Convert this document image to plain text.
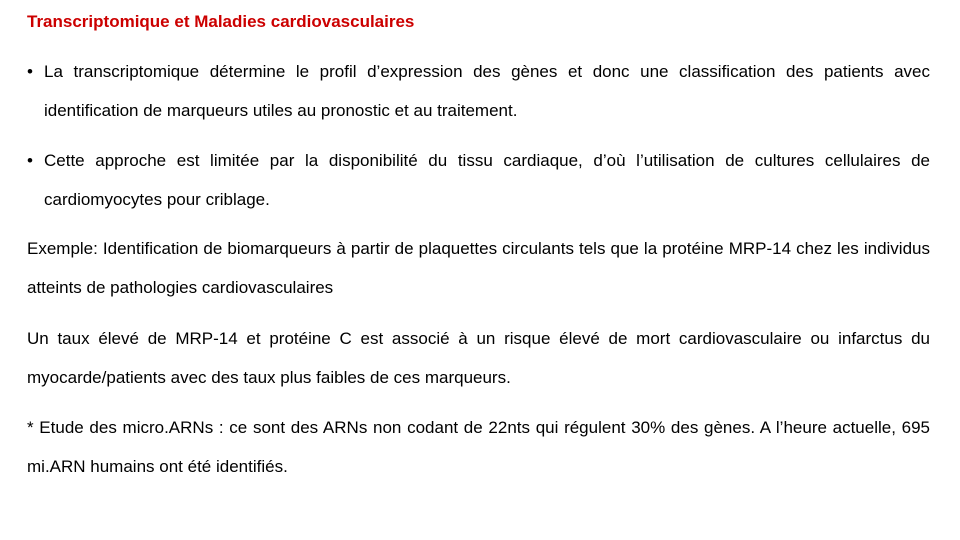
Transcriptomique et Maladies cardiovasculaires
• La transcriptomique détermine le profil d’expression des gènes et donc une classification des patients avec identification de marqueurs utiles au pronostic et au traitement.
• Cette approche est limitée par la disponibilité du tissu cardiaque, d’où l’utilisation de cultures cellulaires de cardiomyocytes pour criblage.
Exemple: Identification de biomarqueurs à partir de plaquettes circulants tels que la protéine MRP-14 chez les individus atteints de pathologies cardiovasculaires
Un taux élevé de MRP-14 et protéine C est associé à un risque élevé de mort cardiovasculaire ou infarctus du myocarde/patients avec des taux plus faibles de ces marqueurs.
* Etude des micro.ARNs : ce sont des ARNs non codant de 22nts qui régulent 30% des gènes. A l’heure actuelle, 695 mi.ARN humains ont été identifiés.
